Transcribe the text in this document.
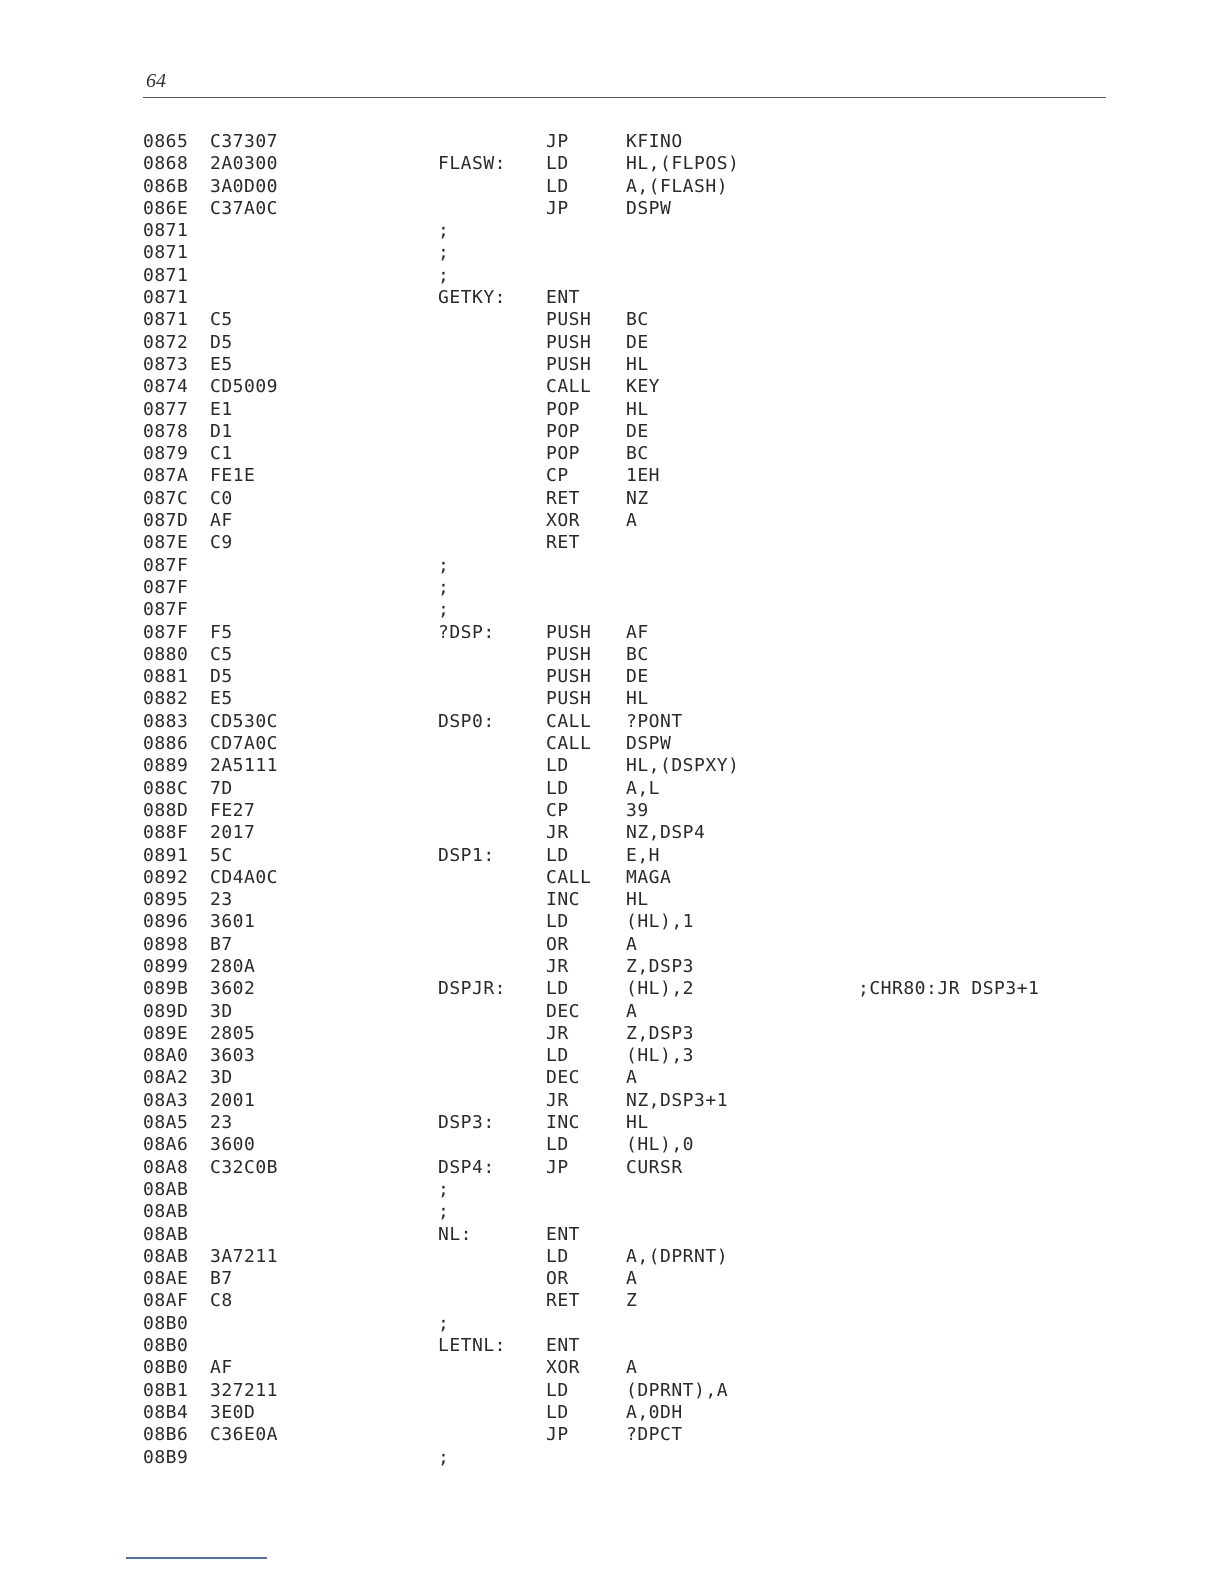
64
0865 C37307	JP	KFINO
0868 2A0300	FLASW: LD	HL,(FLPOS)
086B 3A0D00	LD	A,(FLASH)
086E C37A0C	JP	DSPW
0871	;
0871	;
0871	;
0871	GETKY: ENT
0871 C5	PUSH BC
0872 D5	PUSH DE
0873 E5	PUSH HL
0874 CD5009	CALL KEY
0877 E1	POP	HL
0878 D1	POP	DE
0879 C1	POP	BC
087A FE1E	CP	1EH
087C C0	RET	NZ
087D AF	XOR	A
087E C9	RET
087F	;
087F	;
087F	;
087F F5	?DSP:	PUSH AF
0880 C5	PUSH BC
0881 D5	PUSH DE
0882 E5	PUSH HL
0883 CD530C	DSP0:	CALL ?PONT
0886 CD7A0C	CALL DSPW
0889 2A5111	LD	HL,(DSPXY)
088C 7D	LD	A,L
088D FE27	CP	39
088F 2017	JR	NZ,DSP4
0891 5C	DSP1:	LD	E,H
0892 CD4A0C	CALL MAGA
0895 23	INC	HL
0896 3601	LD	(HL),1
0898 B7	OR	A
0899 280A	JR	Z,DSP3
089B 3602	DSPJR: LD	(HL),2	;CHR80:JR DSP3+1
089D 3D	DEC	A
089E 2805	JR	Z,DSP3
08A0 3603	LD	(HL),3
08A2 3D	DEC	A
08A3 2001	JR	NZ,DSP3+1
08A5 23	DSP3:	INC	HL
08A6 3600	LD	(HL),0
08A8 C32C0B	DSP4:	JP	CURSR
08AB	;
08AB	;
08AB	NL:	ENT
08AB 3A7211	LD	A,(DPRNT)
08AE B7	OR	A
08AF C8	RET	Z
08B0	;
08B0	LETNL: ENT
08B0 AF	XOR	A
08B1 327211	LD	(DPRNT),A
08B4 3E0D	LD	A,0DH
08B6 C36E0A	JP	?DPCT
08B9	;
